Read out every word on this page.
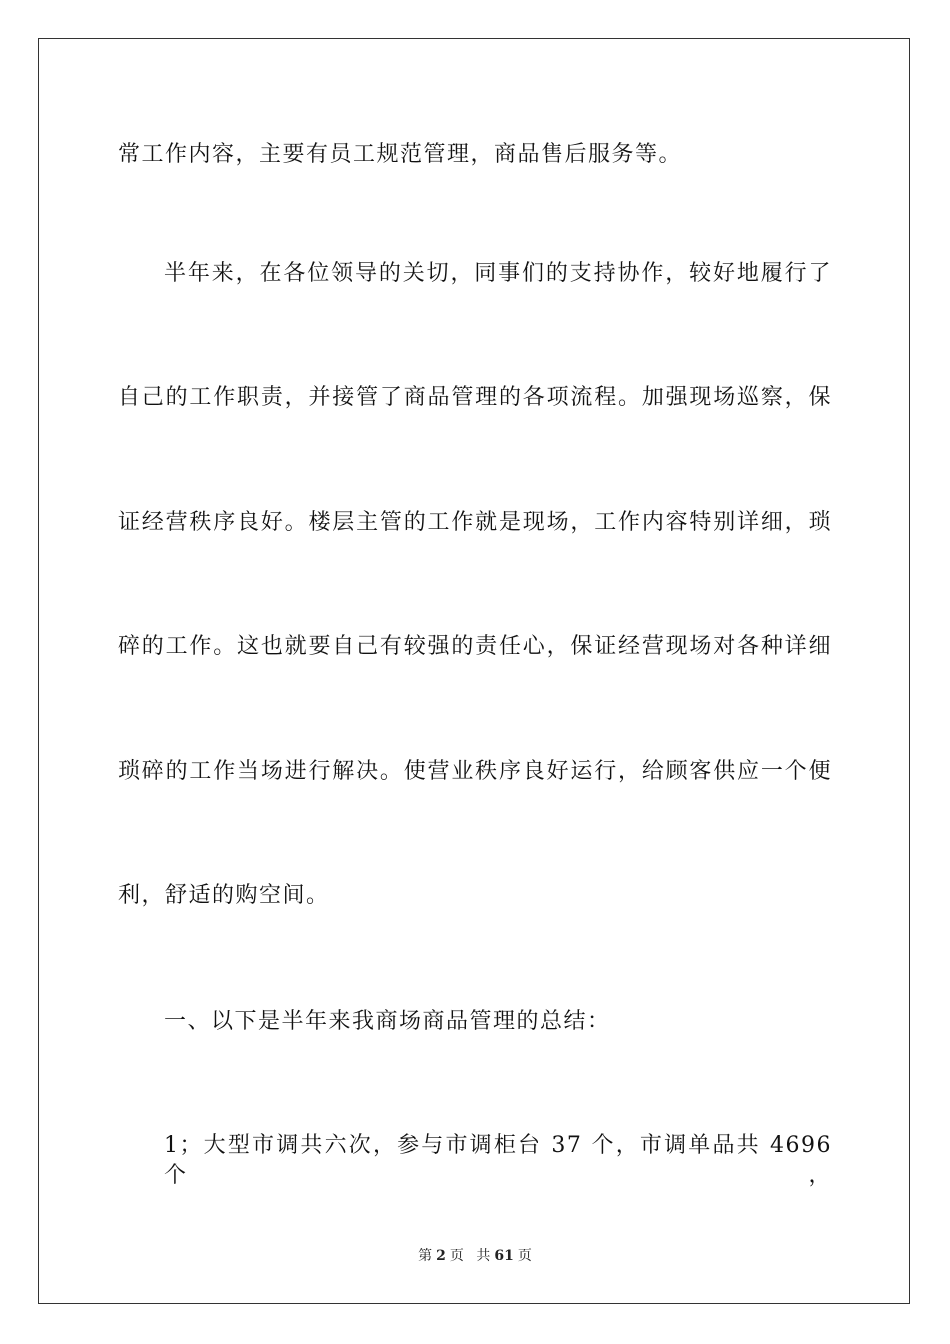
常工作内容，主要有员工规范管理，商品售后服务等。
半年来，在各位领导的关切，同事们的支持协作，较好地履行了
自己的工作职责，并接管了商品管理的各项流程。加强现场巡察，保
证经营秩序良好。楼层主管的工作就是现场，工作内容特别详细，琐
碎的工作。这也就要自己有较强的责任心，保证经营现场对各种详细
琐碎的工作当场进行解决。使营业秩序良好运行，给顾客供应一个便
利，舒适的购空间。
一、以下是半年来我商场商品管理的总结：
1；大型市调共六次，参与市调柜台 37 个，市调单品共 4696 个，
第 2 页 共 61 页
